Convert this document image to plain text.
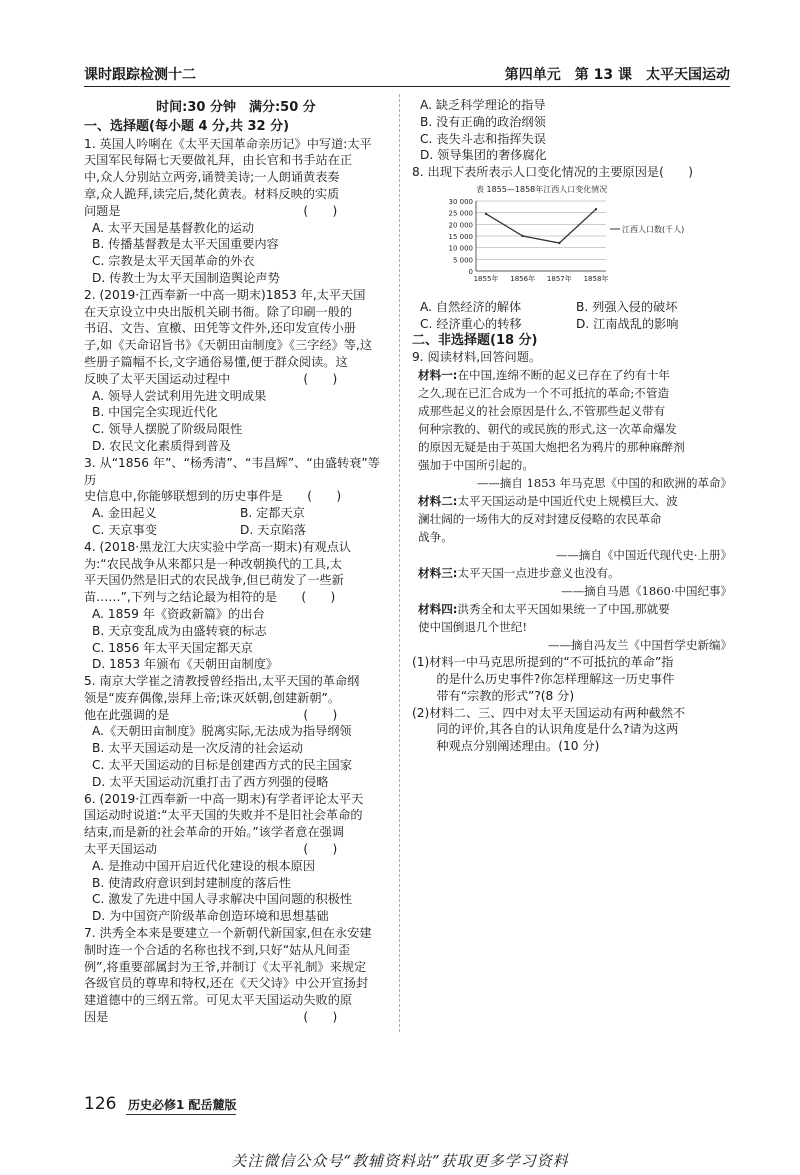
课时跟踪检测十二	第四单元　第 13 课　太平天国运动
时间:30 分钟　满分:50 分
一、选择题(每小题 4 分,共 32 分)

1. 英国人吟唎在《太平天国革命亲历记》中写道:太平

天国军民每隔七天要做礼拜，由长官和书手站在正

中,众人分别站立两旁,诵赞美诗;一人朗诵黄表奏

章,众人跪拜,读完后,焚化黄表。材料反映的实质

问题是　　　　　　　　　　　　　　　(　　)

A. 太平天国是基督教化的运动

B. 传播基督教是太平天国重要内容

C. 宗教是太平天国革命的外衣

D. 传教士为太平天国制造舆论声势

2. (2019·江西奉新一中高一期末)1853 年,太平天国

在天京设立中央出版机关刷书衙。除了印刷一般的

书诏、文告、宣檄、田凭等文件外,还印发宣传小册

子,如《天命诏旨书》《天朝田亩制度》《三字经》等,这

些册子篇幅不长,文字通俗易懂,便于群众阅读。这

反映了太平天国运动过程中　　　　　　(　　)

A. 领导人尝试利用先进文明成果

B. 中国完全实现近代化

C. 领导人摆脱了阶级局限性

D. 农民文化素质得到普及

3. 从“1856 年”、“杨秀清”、“韦昌辉”、“由盛转衰”等历

史信息中,你能够联想到的历史事件是　　(　　)

A. 金田起义	B. 定都天京
C. 天京事变	D. 天京陷落

4. (2018·黑龙江大庆实验中学高一期末)有观点认

为:“农民战争从来都只是一种改朝换代的工具,太

平天国仍然是旧式的农民战争,但已萌发了一些新

苗……”,下列与之结论最为相符的是　　(　　)

A. 1859 年《资政新篇》的出台

B. 天京变乱成为由盛转衰的标志

C. 1856 年太平天国定都天京

D. 1853 年颁布《天朝田亩制度》

5. 南京大学崔之清教授曾经指出,太平天国的革命纲

领是“废弃偶像,崇拜上帝;诛灭妖朝,创建新朝”。

他在此强调的是　　　　　　　　　　　(　　)

A.《天朝田亩制度》脱离实际,无法成为指导纲领

B. 太平天国运动是一次反清的社会运动

C. 太平天国运动的目标是创建西方式的民主国家

D. 太平天国运动沉重打击了西方列强的侵略

6. (2019·江西奉新一中高一期末)有学者评论太平天

国运动时说道:“太平天国的失败并不是旧社会革命的

结束,而是新的社会革命的开始。”该学者意在强调

太平天国运动　　　　　　　　　　　　(　　)

A. 是推动中国开启近代化建设的根本原因

B. 使清政府意识到封建制度的落后性

C. 激发了先进中国人寻求解决中国问题的积极性

D. 为中国资产阶级革命创造环境和思想基础

7. 洪秀全本来是要建立一个新朝代新国家,但在永安建

制时连一个合适的名称也找不到,只好“姑从凡间歪

例”,将重要部属封为王爷,并制订《太平礼制》来规定

各级官员的尊卑和特权,还在《天父诗》中公开宣扬封

建道德中的三纲五常。可见太平天国运动失败的原

因是　　　　　　　　　　　　　　　　(　　)

A. 缺乏科学理论的指导

B. 没有正确的政治纲领

C. 丧失斗志和指挥失误

D. 领导集团的奢侈腐化

8. 出现下表所表示人口变化情况的主要原因是(　　)

表 1855—1858年江西人口变化情况
30 000
25 000
20 000
15 000
10 000
5 000
0
1855年 1856年 1857年 1858年
江西人口数(千人)
A. 自然经济的解体	B. 列强入侵的破坏
C. 经济重心的转移	D. 江南战乱的影响
二、非选择题(18 分)

9. 阅读材料,回答问题。

材料一:在中国,连绵不断的起义已存在了约有十年
之久,现在已汇合成为一个不可抵抗的革命;不管造
成那些起义的社会原因是什么,不管那些起义带有
何种宗教的、朝代的或民族的形式,这一次革命爆发
的原因无疑是由于英国大炮把名为鸦片的那种麻醉剂
强加于中国所引起的。

——摘自 1853 年马克思《中国的和欧洲的革命》

材料二:太平天国运动是中国近代史上规模巨大、波
澜壮阔的一场伟大的反对封建反侵略的农民革命
战争。

——摘自《中国近代现代史·上册》

材料三:太平天国一点进步意义也没有。

——摘自马恩《1860·中国纪事》

材料四:洪秀全和太平天国如果统一了中国,那就要
使中国倒退几个世纪!

——摘自冯友兰《中国哲学史新编》

(1)材料一中马克思所提到的“不可抵抗的革命”指

　　的是什么历史事件?你怎样理解这一历史事件

　　带有“宗教的形式”?(8 分)

(2)材料二、三、四中对太平天国运动有两种截然不

　　同的评价,其各自的认识角度是什么?请为这两

　　种观点分别阐述理由。(10 分)

126 历史必修1 配岳麓版
关注微信公众号“教辅资料站”获取更多学习资料
